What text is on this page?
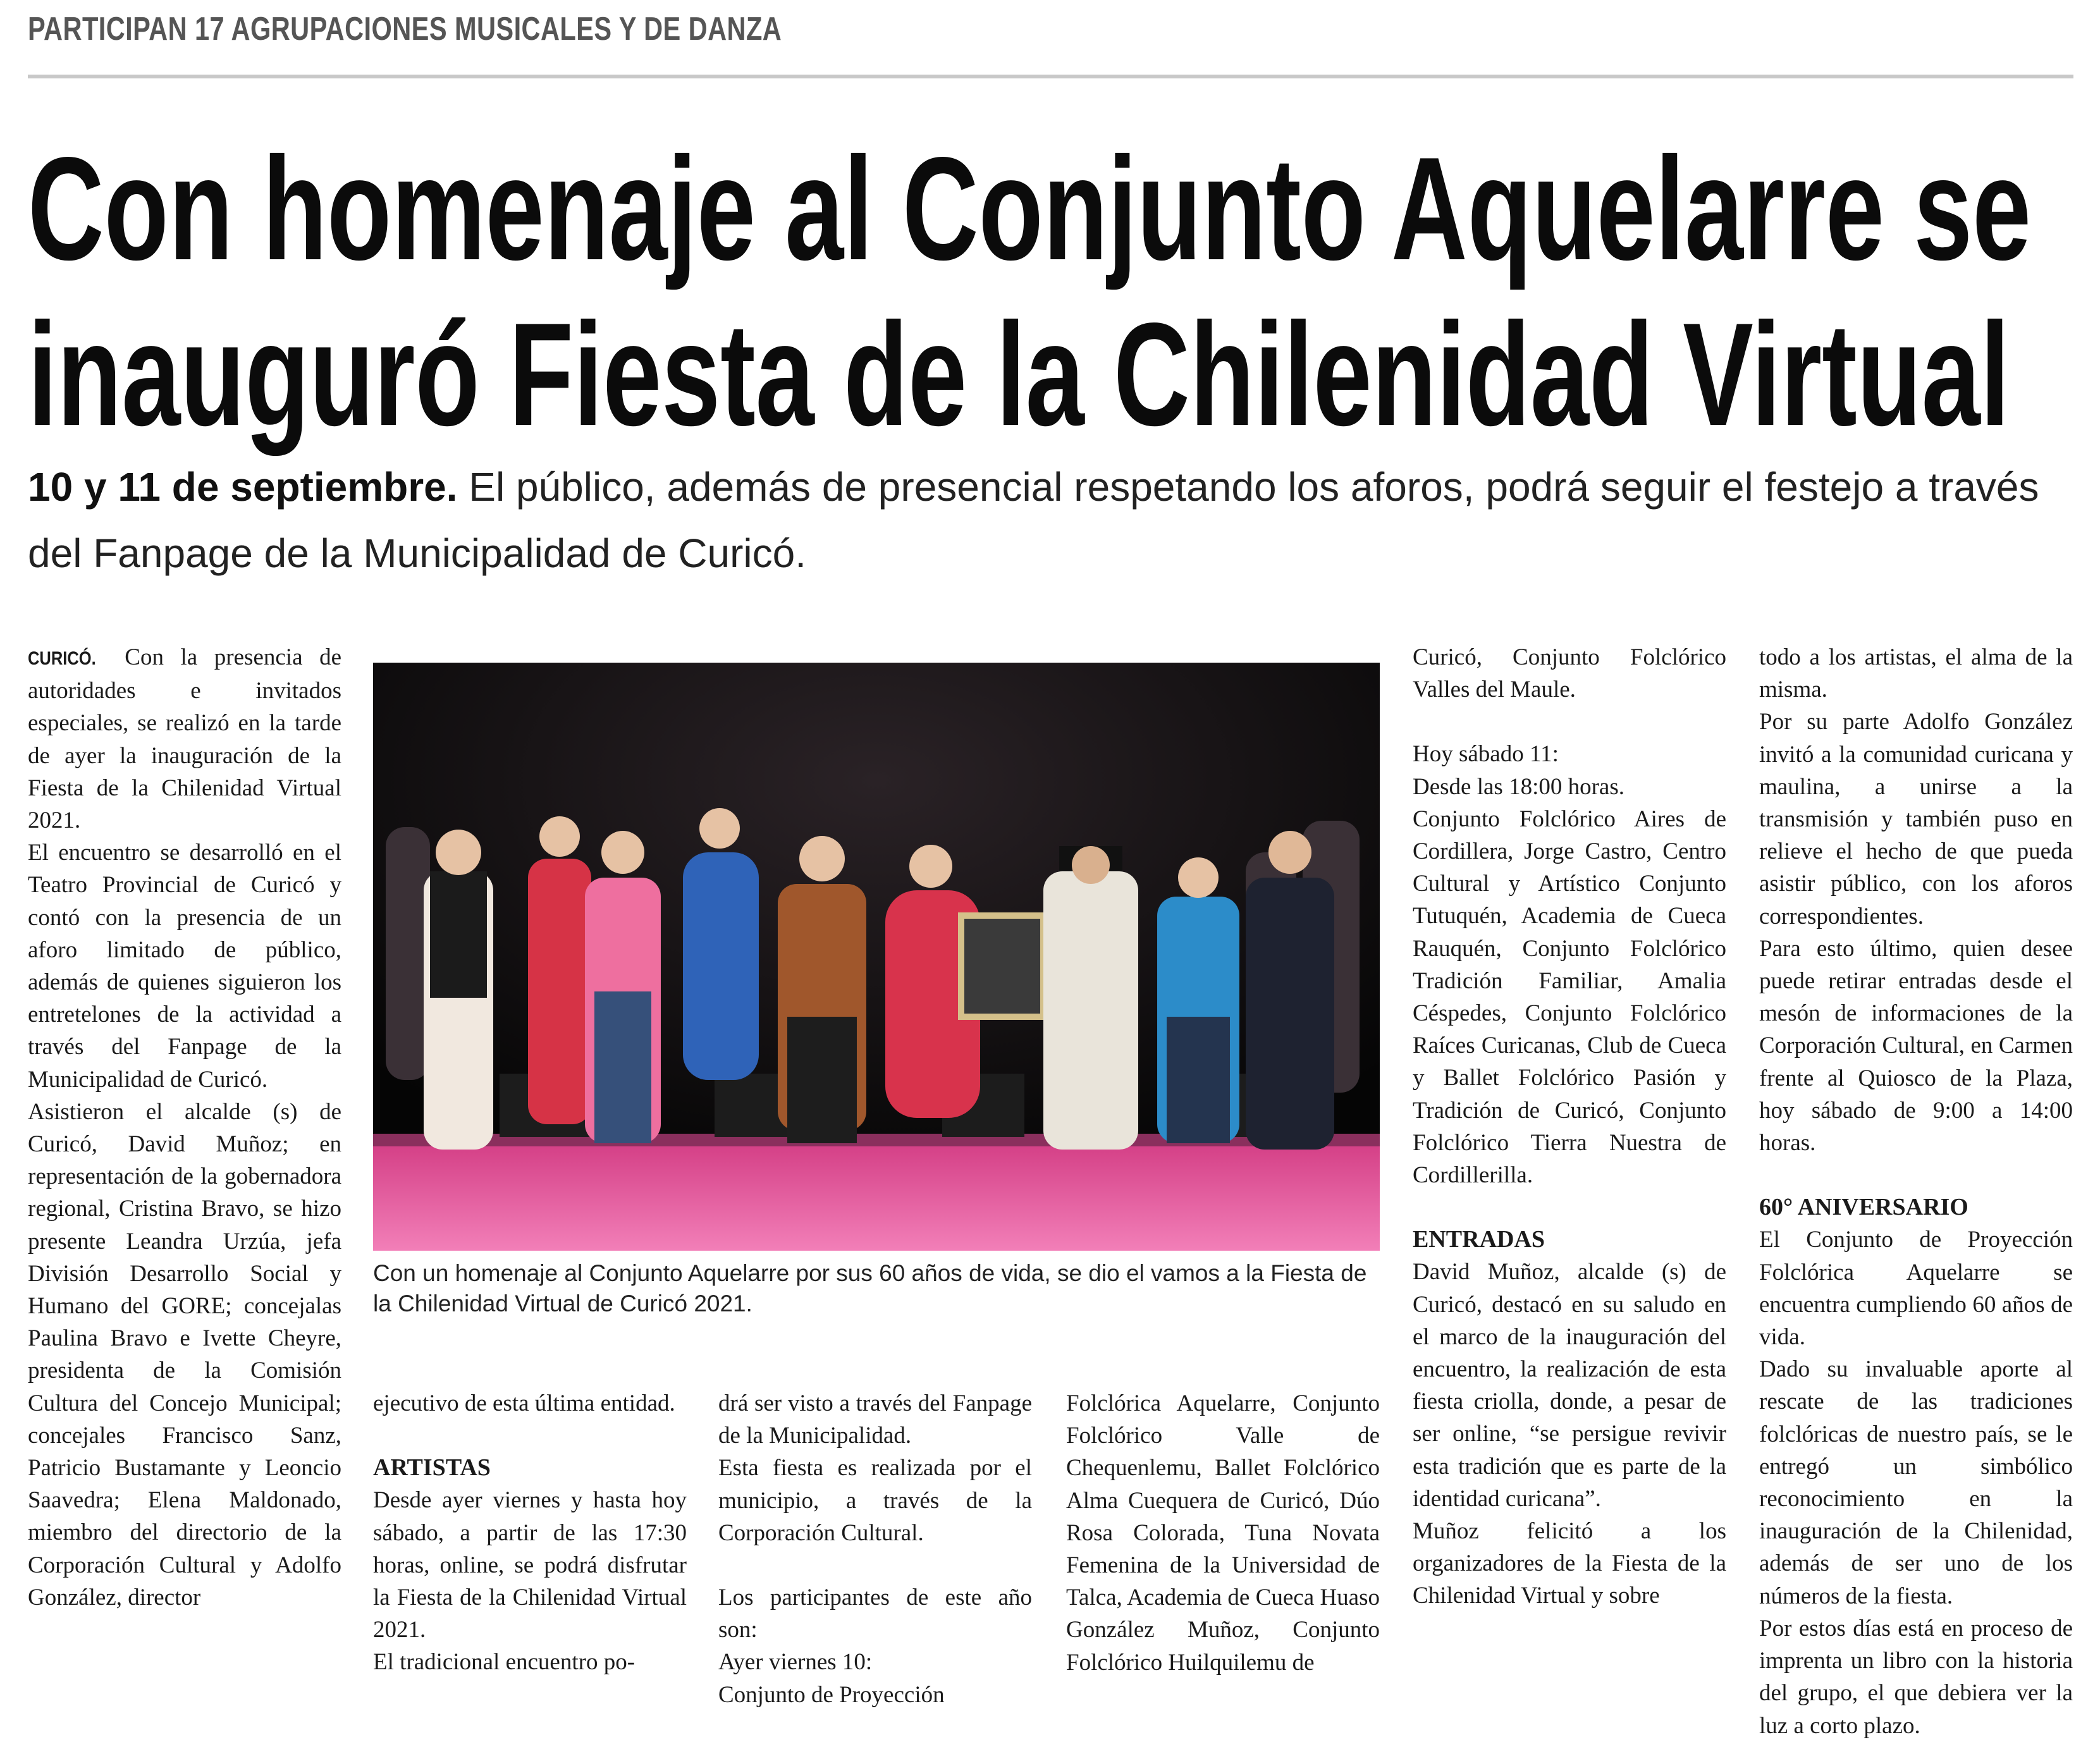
PARTICIPAN 17 AGRUPACIONES MUSICALES Y DE DANZA
Con homenaje al Conjunto Aquelarre se
inauguró Fiesta de la Chilenidad Virtual
10 y 11 de septiembre. El público, además de presencial respetando los aforos, podrá seguir el festejo a través del Fanpage de la Municipalidad de Curicó.

CURICÓ. Con la presencia de autoridades e invitados especiales, se realizó en la tarde de ayer la inauguración de la Fiesta de la Chilenidad Virtual 2021.

El encuentro se desarrolló en el Teatro Provincial de Curicó y contó con la presencia de un aforo limitado de público, además de quienes siguieron los entretelones de la actividad a través del Fanpage de la Municipalidad de Curicó.

Asistieron el alcalde (s) de Curicó, David Muñoz; en representación de la gobernadora regional, Cristina Bravo, se hizo presente Leandra Urzúa, jefa División Desarrollo Social y Humano del GORE; concejalas Paulina Bravo e Ivette Cheyre, presidenta de la Comisión Cultura del Concejo Municipal; concejales Francisco Sanz, Patricio Bustamante y Leoncio Saavedra; Elena Maldonado, miembro del directorio de la Corporación Cultural y Adolfo González, director

Con un homenaje al Conjunto Aquelarre por sus 60 años de vida, se dio el vamos a la Fiesta de la Chilenidad Virtual de Curicó 2021.

ejecutivo de esta última entidad.

ARTISTAS

Desde ayer viernes y hasta hoy sábado, a partir de las 17:30 horas, online, se podrá disfrutar la Fiesta de la Chilenidad Virtual 2021.

El tradicional encuentro po-

drá ser visto a través del Fanpage de la Municipalidad.

Esta fiesta es realizada por el municipio, a través de la Corporación Cultural.

Los participantes de este año son:

Ayer viernes 10:

Conjunto de Proyección

Folclórica Aquelarre, Conjunto Folclórico Valle de Chequenlemu, Ballet Folclórico Alma Cuequera de Curicó, Dúo Rosa Colorada, Tuna Novata Femenina de la Universidad de Talca, Academia de Cueca Huaso González Muñoz, Conjunto Folclórico Huilquilemu de

Curicó, Conjunto Folclórico Valles del Maule.

Hoy sábado 11:

Desde las 18:00 horas.

Conjunto Folclórico Aires de Cordillera, Jorge Castro, Centro Cultural y Artístico Conjunto Tutuquén, Academia de Cueca Rauquén, Conjunto Folclórico Tradición Familiar, Amalia Céspedes, Conjunto Folclórico Raíces Curicanas, Club de Cueca y Ballet Folclórico Pasión y Tradición de Curicó, Conjunto Folclórico Tierra Nuestra de Cordillerilla.

ENTRADAS

David Muñoz, alcalde (s) de Curicó, destacó en su saludo en el marco de la inauguración del encuentro, la realización de esta fiesta criolla, donde, a pesar de ser online, “se persigue revivir esta tradición que es parte de la identidad curicana”.

Muñoz felicitó a los organizadores de la Fiesta de la Chilenidad Virtual y sobre

todo a los artistas, el alma de la misma.

Por su parte Adolfo González invitó a la comunidad curicana y maulina, a unirse a la transmisión y también puso en relieve el hecho de que pueda asistir público, con los aforos correspondientes.

Para esto último, quien desee puede retirar entradas desde el mesón de informaciones de la Corporación Cultural, en Carmen frente al Quiosco de la Plaza, hoy sábado de 9:00 a 14:00 horas.

60° ANIVERSARIO

El Conjunto de Proyección Folclórica Aquelarre se encuentra cumpliendo 60 años de vida.

Dado su invaluable aporte al rescate de las tradiciones folclóricas de nuestro país, se le entregó un simbólico reconocimiento en la inauguración de la Chilenidad, además de ser uno de los números de la fiesta.

Por estos días está en proceso de imprenta un libro con la historia del grupo, el que debiera ver la luz a corto plazo.
